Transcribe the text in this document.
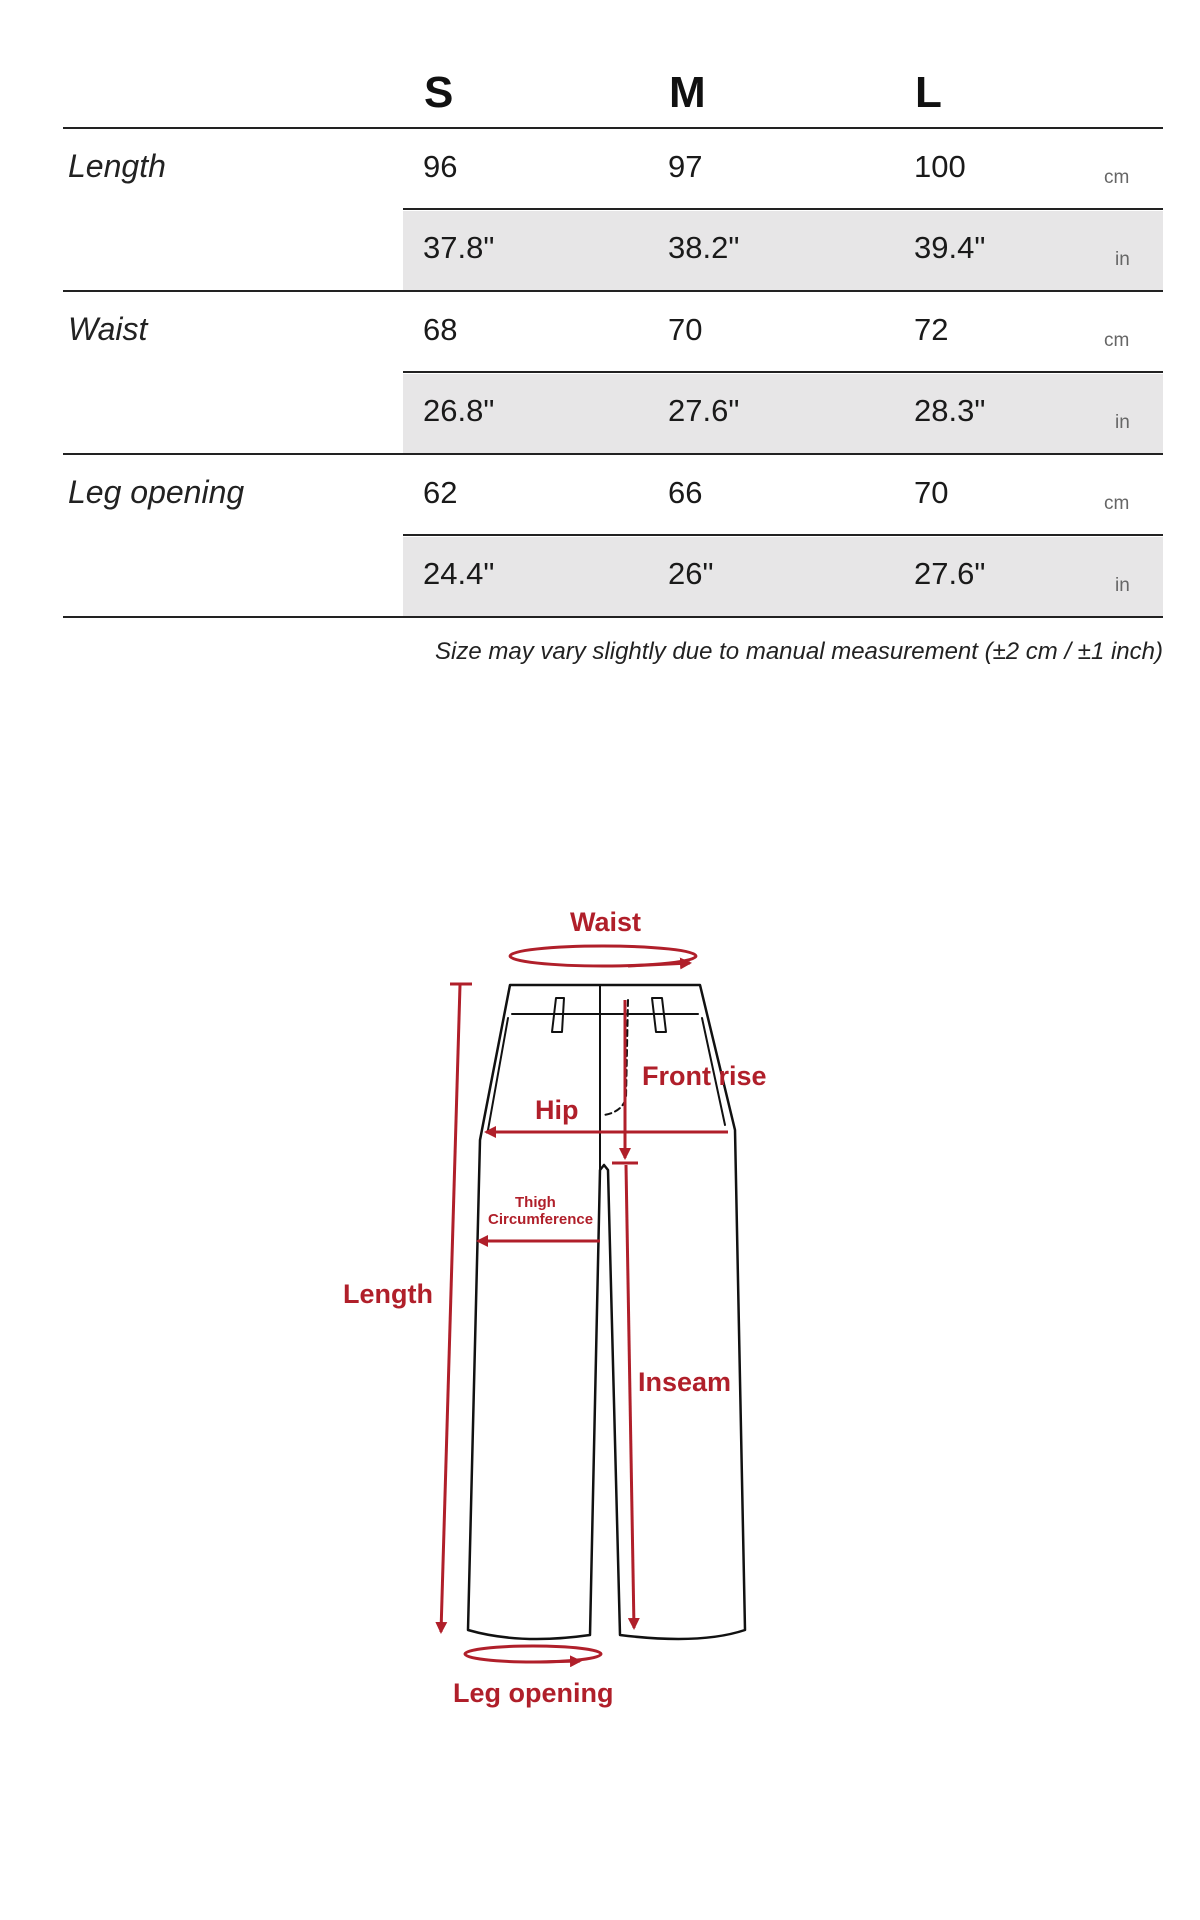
S	M	L
Length	96	97	100	cm
37.8"	38.2"	39.4"	in
Waist	68	70	72	cm
26.8"	27.6"	28.3"	in
Leg opening	62	66	70	cm
24.4"	26"	27.6"	in
Size may vary slightly due to manual measurement (±2 cm / ±1 inch)
Waist
Front rise
Hip
Thigh
Circumference
Length
Inseam
Leg opening
